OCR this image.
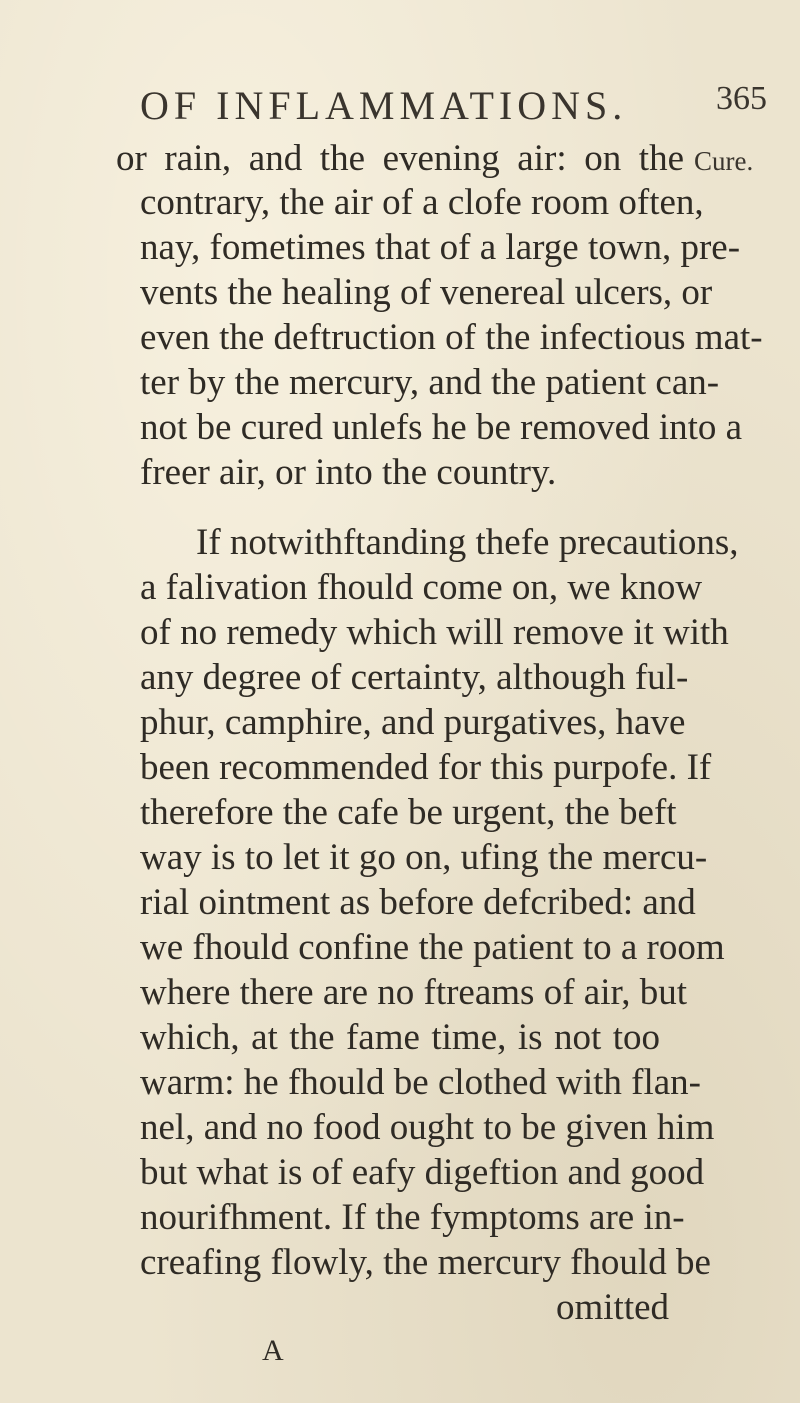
OF INFLAMMATIONS.	365
Cure.
or rain, and the evening air: on the
contrary, the air of a clofe room often,
nay, fometimes that of a large town, pre-
vents the healing of venereal ulcers, or
even the deftruction of the infectious mat-
ter by the mercury, and the patient can-
not be cured unlefs he be removed into a
freer air, or into the country.
If notwithftanding thefe precautions,
a falivation fhould come on, we know
of no remedy which will remove it with
any degree of certainty, although ful-
phur, camphire, and purgatives, have
been recommended for this purpofe. If
therefore the cafe be urgent, the beft
way is to let it go on, ufing the mercu-
rial ointment as before defcribed: and
we fhould confine the patient to a room
where there are no ftreams of air, but
which, at the fame time, is not too
warm: he fhould be clothed with flan-
nel, and no food ought to be given him
but what is of eafy digeftion and good
nourifhment. If the fymptoms are in-
creafing flowly, the mercury fhould be
omitted
A
